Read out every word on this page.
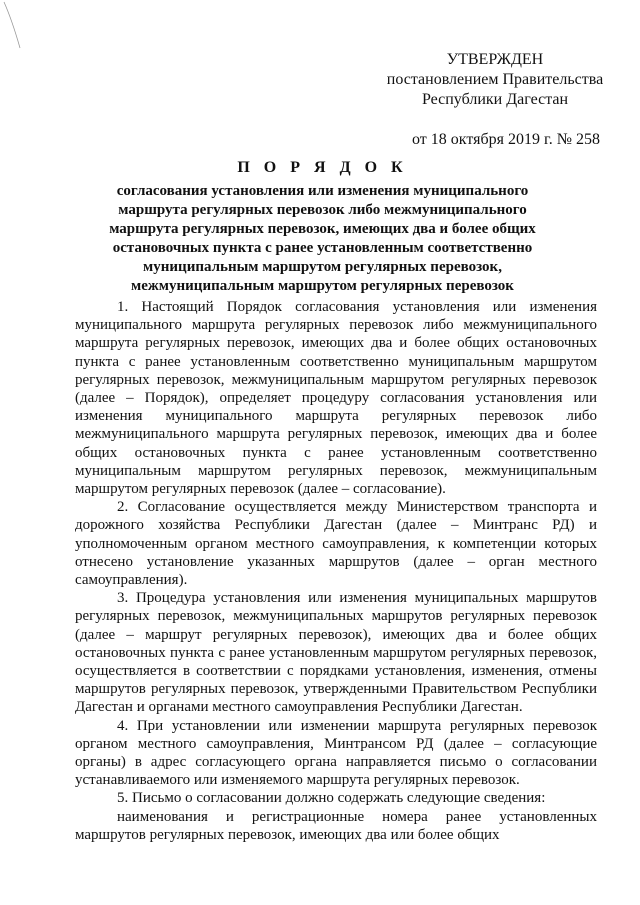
УТВЕРЖДЕН
постановлением Правительства
Республики Дагестан
от 18 октября 2019 г. № 258
П О Р Я Д О К
согласования установления или изменения муниципального маршрута регулярных перевозок либо межмуниципального маршрута регулярных перевозок, имеющих два и более общих остановочных пункта с ранее установленным соответственно муниципальным маршрутом регулярных перевозок, межмуниципальным маршрутом регулярных перевозок

1. Настоящий Порядок согласования установления или изменения муниципального маршрута регулярных перевозок либо межмуниципального маршрута регулярных перевозок, имеющих два и более общих остановочных пункта с ранее установленным соответственно муниципальным маршрутом регулярных перевозок, межмуниципальным маршрутом регулярных перевозок (далее – Порядок), определяет процедуру согласования установления или изменения муниципального маршрута регулярных перевозок либо межмуниципального маршрута регулярных перевозок, имеющих два и более общих остановочных пункта с ранее установленным соответственно муниципальным маршрутом регулярных перевозок, межмуниципальным маршрутом регулярных перевозок (далее – согласование).

2. Согласование осуществляется между Министерством транспорта и дорожного хозяйства Республики Дагестан (далее – Минтранс РД) и уполномоченным органом местного самоуправления, к компетенции которых отнесено установление указанных маршрутов (далее – орган местного самоуправления).

3. Процедура установления или изменения муниципальных маршрутов регулярных перевозок, межмуниципальных маршрутов регулярных перевозок (далее – маршрут регулярных перевозок), имеющих два и более общих остановочных пункта с ранее установленным маршрутом регулярных перевозок, осуществляется в соответствии с порядками установления, изменения, отмены маршрутов регулярных перевозок, утвержденными Правительством Республики Дагестан и органами местного самоуправления Республики Дагестан.

4. При установлении или изменении маршрута регулярных перевозок органом местного самоуправления, Минтрансом РД (далее – согласующие органы) в адрес согласующего органа направляется письмо о согласовании устанавливаемого или изменяемого маршрута регулярных перевозок.

5. Письмо о согласовании должно содержать следующие сведения:

наименования и регистрационные номера ранее установленных маршрутов регулярных перевозок, имеющих два или более общих
